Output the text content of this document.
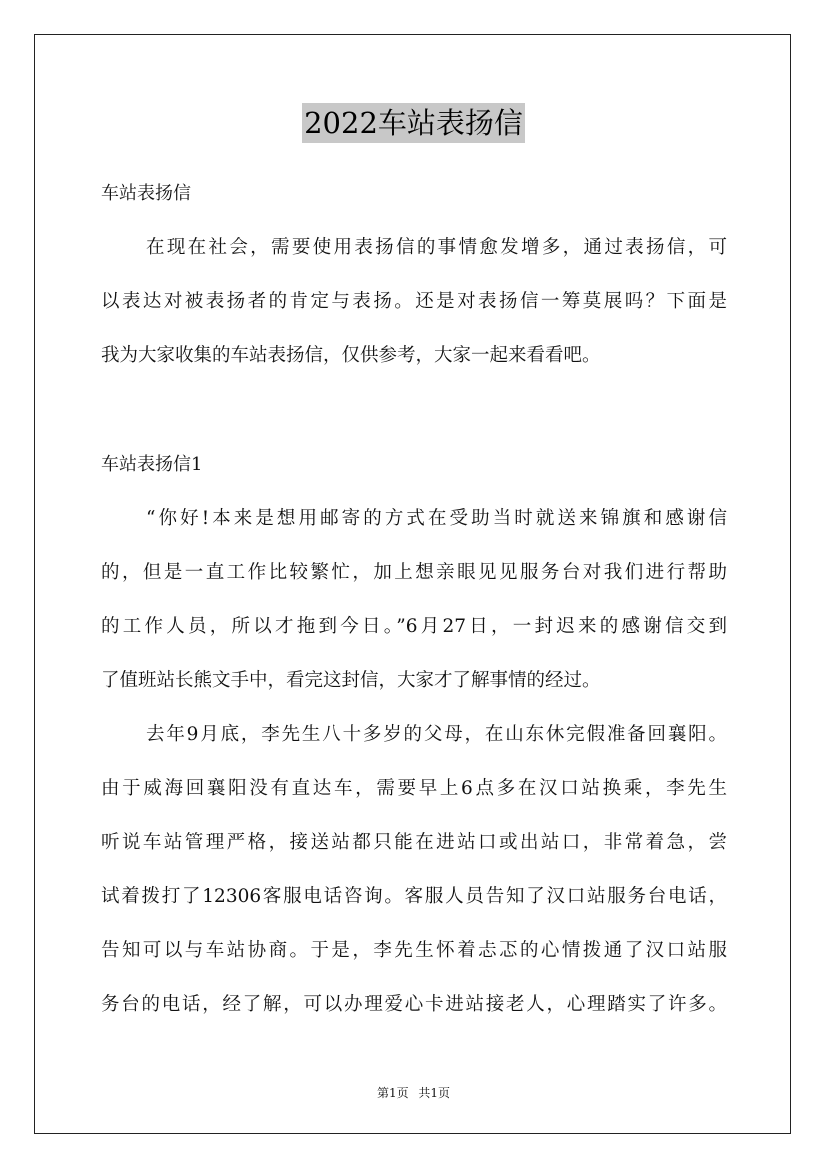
2022车站表扬信
车站表扬信
在现在社会，需要使用表扬信的事情愈发增多，通过表扬信，可
以表达对被表扬者的肯定与表扬。还是对表扬信一筹莫展吗？下面是
我为大家收集的车站表扬信，仅供参考，大家一起来看看吧。
车站表扬信1
“你好!本来是想用邮寄的方式在受助当时就送来锦旗和感谢信
的，但是一直工作比较繁忙，加上想亲眼见见服务台对我们进行帮助
的工作人员，所以才拖到今日。”6月27日，一封迟来的感谢信交到
了值班站长熊文手中，看完这封信，大家才了解事情的经过。
去年9月底，李先生八十多岁的父母，在山东休完假准备回襄阳。
由于威海回襄阳没有直达车，需要早上6点多在汉口站换乘，李先生
听说车站管理严格，接送站都只能在进站口或出站口，非常着急，尝
试着拨打了12306客服电话咨询。客服人员告知了汉口站服务台电话，
告知可以与车站协商。于是，李先生怀着忐忑的心情拨通了汉口站服
务台的电话，经了解，可以办理爱心卡进站接老人，心理踏实了许多。
第1页 共1页
